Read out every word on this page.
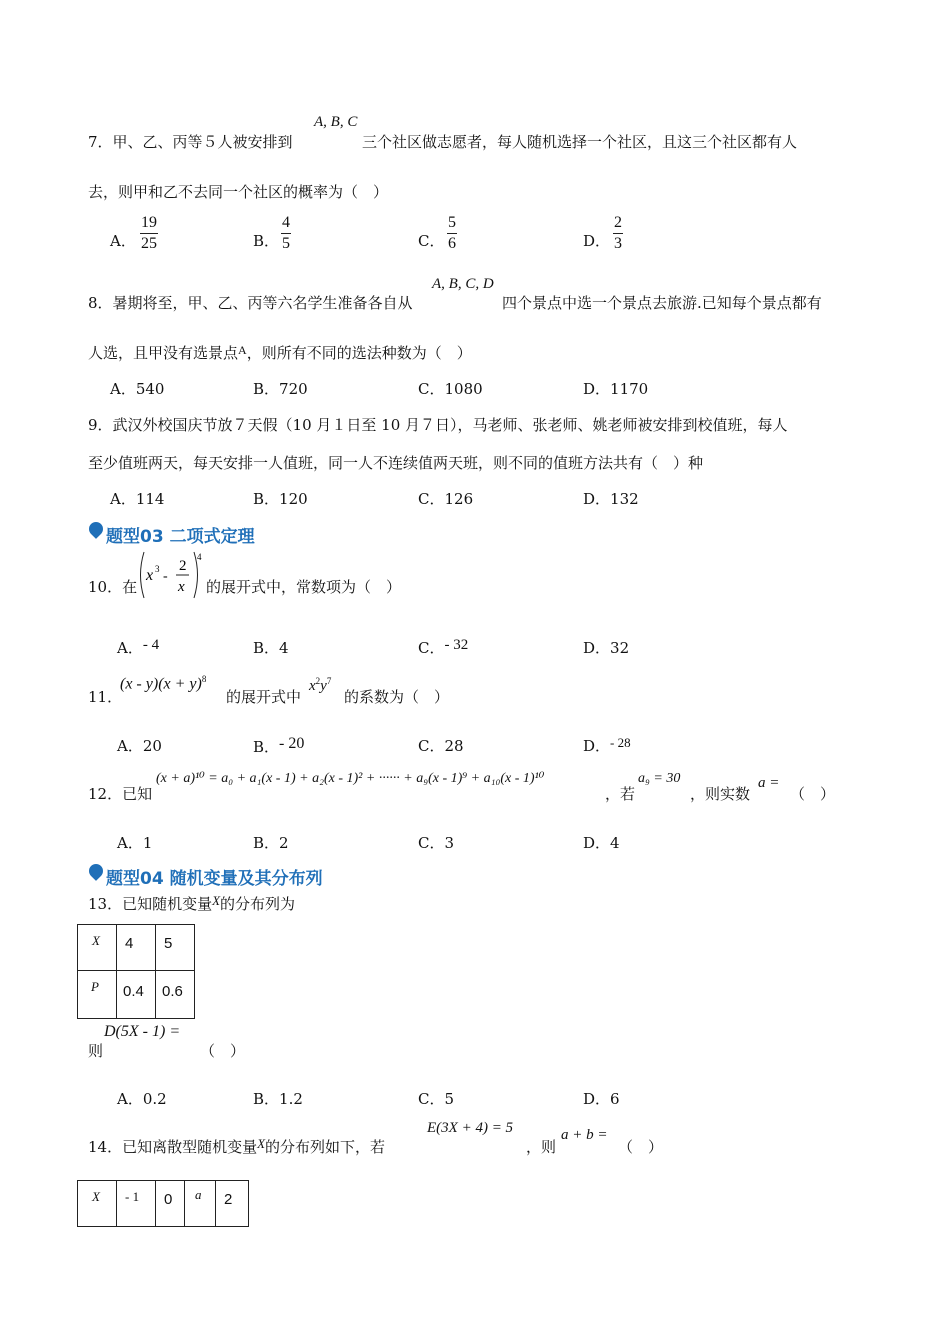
7．甲、乙、丙等５人被安排到
A, B, C
三个社区做志愿者，每人随机选择一个社区，且这三个社区都有人
去，则甲和乙不去同一个社区的概率为（　）
A．
19
25	B．
4
5	C．
5
6	D．
2
3
8．暑期将至，甲、乙、丙等六名学生准备各自从
A, B, C, D
四个景点中选一个景点去旅游.已知每个景点都有
人选，且甲没有选景点$^A$，则所有不同的选法种数为（　）
A．540	B．720	C．1080	D．1170
9．武汉外校国庆节放７天假（10 月１日至 10 月７日），马老师、张老师、姚老师被安排到校值班，每人
至少值班两天，每天安排一人值班，同一人不连续值两天班，则不同的值班方法共有（　）种
A．114	B．120	C．126	D．132
题型03 二项式定理
10．在
x 3 -
2
x
4
的展开式中，常数项为（　）
A．- 4	B．4	C．- 32	D．32
11．
$(x - y)(x + y)^8$
的展开式中
$x^2y^7$
的系数为（　）
A．20	B．- 20	C．28	D．- 28
12．已知
(x + a)¹⁰ = a₀ + a₁(x - 1) + a₂(x - 1)² + ······ + a₉(x - 1)⁹ + a₁₀(x - 1)¹⁰
，若
a₉ = 30
，则实数
a =
（　）
A．1	B．2	C．3	D．4
题型04 随机变量及其分布列
13．已知随机变量X的分布列为
X	4	5

P	0.4	0.6
则
D(5X - 1) =
（　）
A．0.2	B．1.2	C．5	D．6
14．已知离散型随机变量X的分布列如下，若
E(3X + 4) = 5
，则
a + b =
（　）
X	- 1	0	a	2
